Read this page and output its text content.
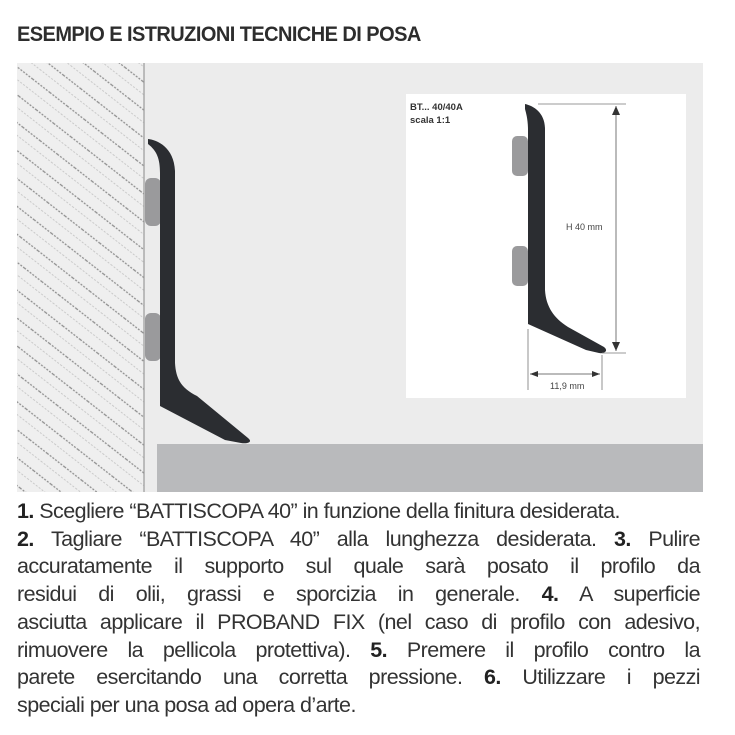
ESEMPIO E ISTRUZIONI TECNICHE DI POSA
BT... 40/40A
scala 1:1
H 40 mm
11,9 mm
1. Scegliere “BATTISCOPA 40” in funzione della finitura desiderata.
2. Tagliare “BATTISCOPA 40” alla lunghezza desiderata. 3. Pulire
accuratamente il supporto sul quale sarà posato il profilo da
residui di olii, grassi e sporcizia in generale. 4. A superficie
asciutta applicare il PROBAND FIX (nel caso di profilo con adesivo,
rimuovere la pellicola protettiva). 5. Premere il profilo contro la
parete esercitando una corretta pressione. 6. Utilizzare i pezzi
speciali per una posa ad opera d’arte.
